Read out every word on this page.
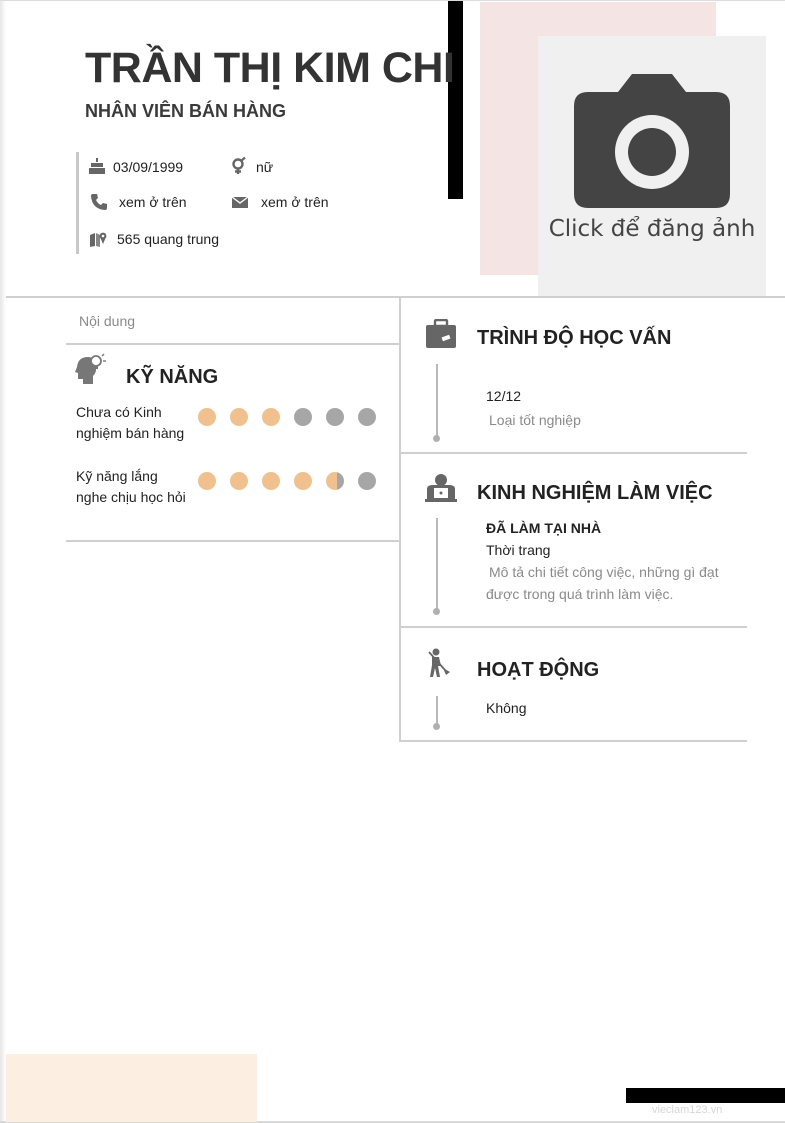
TRẦN THỊ KIM CHI
NHÂN VIÊN BÁN HÀNG
Click để đăng ảnh
03/09/1999	nữ
xem ở trên	xem ở trên
565 quang trung
Nội dung
KỸ NĂNG
Chưa có Kinh
nghiệm bán hàng
Kỹ năng lắng
nghe chịu học hỏi
TRÌNH ĐỘ HỌC VẤN
12/12
Loại tốt nghiệp
KINH NGHIỆM LÀM VIỆC
ĐÃ LÀM TẠI NHÀ
Thời trang
Mô tả chi tiết công việc, những gì đạt được trong quá trình làm việc.
HOẠT ĐỘNG
Không
vieclam123.vn
